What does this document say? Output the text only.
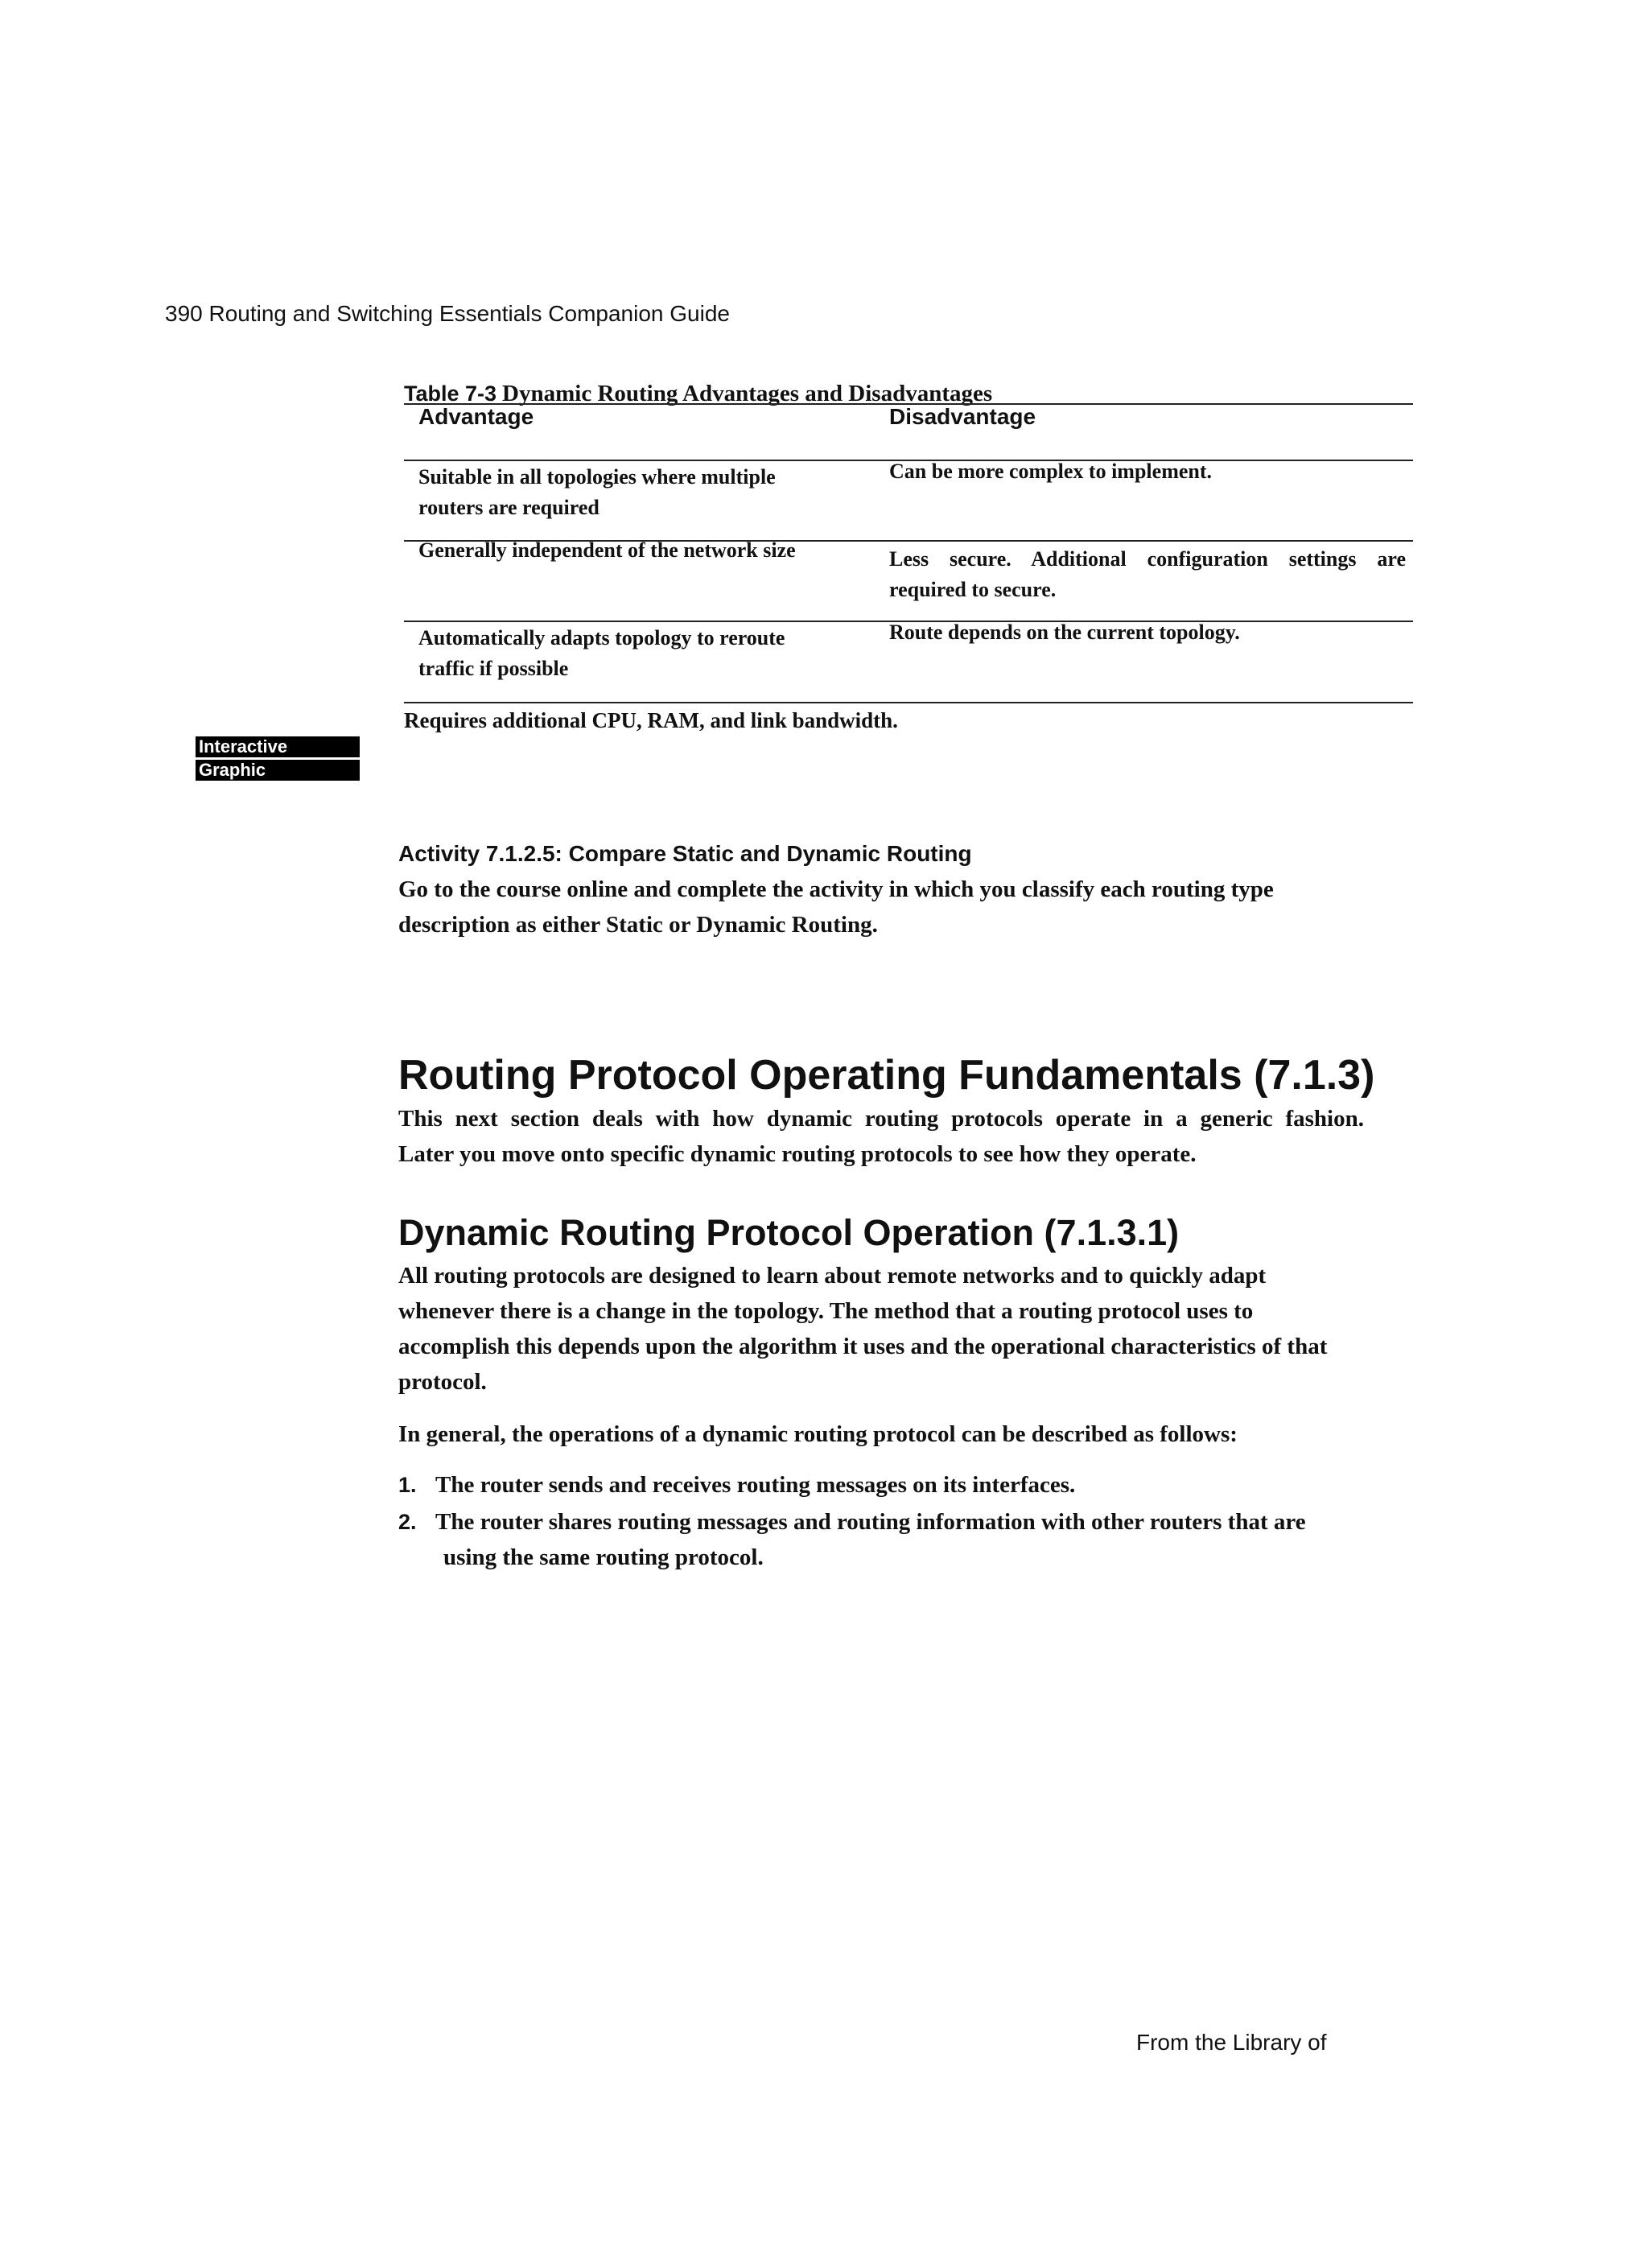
390 Routing and Switching Essentials Companion Guide
Table 7-3 Dynamic Routing Advantages and Disadvantages
Advantage	Disadvantage
Suitable in all topologies where multiple
routers are required
Can be more complex to implement.
Generally independent of the network size	Less secure. Additional configuration settings are
required to secure.
Automatically adapts topology to reroute
traffic if possible
Route depends on the current topology.
Requires additional CPU, RAM, and link bandwidth.
Interactive
Graphic
Activity 7.1.2.5: Compare Static and Dynamic Routing
Go to the course online and complete the activity in which you classify each routing type
description as either Static or Dynamic Routing.
Routing Protocol Operating Fundamentals (7.1.3)
This next section deals with how dynamic routing protocols operate in a generic fashion.
Later you move onto specific dynamic routing protocols to see how they operate.
Dynamic Routing Protocol Operation (7.1.3.1)
All routing protocols are designed to learn about remote networks and to quickly adapt
whenever there is a change in the topology. The method that a routing protocol uses to
accomplish this depends upon the algorithm it uses and the operational characteristics of that
protocol.
In general, the operations of a dynamic routing protocol can be described as follows:
1. The router sends and receives routing messages on its interfaces.
2. The router shares routing messages and routing information with other routers that are
using the same routing protocol.
From the Library of
